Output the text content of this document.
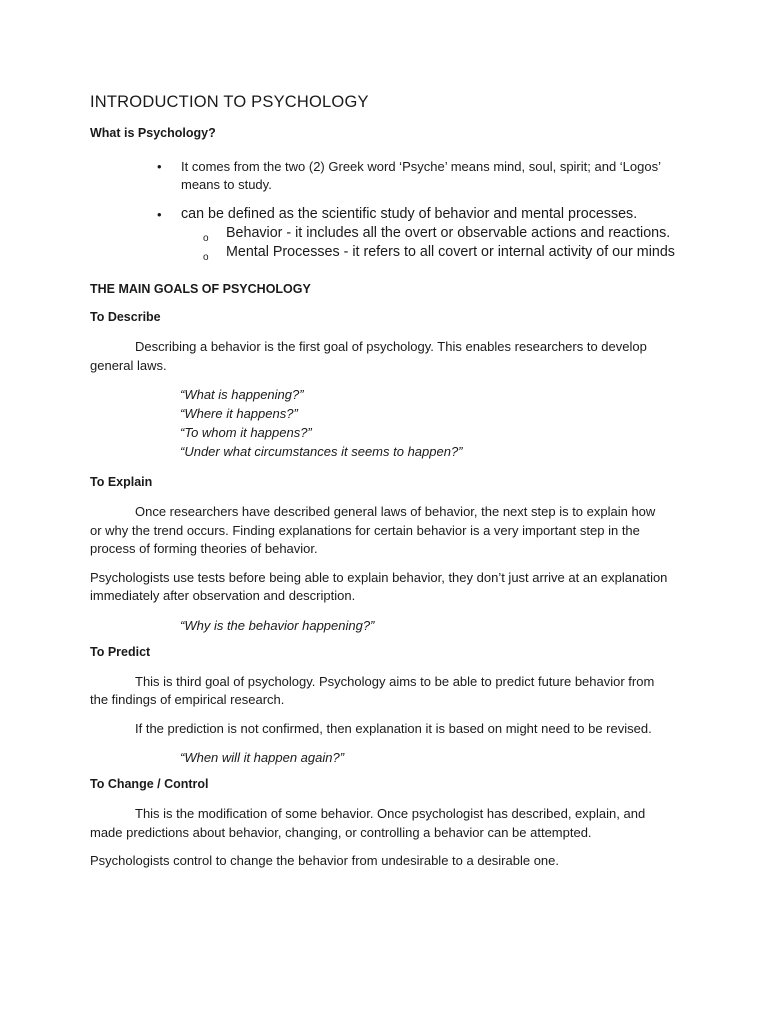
INTRODUCTION TO PSYCHOLOGY
What is Psychology?
• It comes from the two (2) Greek word ‘Psyche’ means mind, soul, spirit; and ‘Logos’ means to study.
• can be defined as the scientific study of behavior and mental processes.
o Behavior - it includes all the overt or observable actions and reactions.
o Mental Processes - it refers to all covert or internal activity of our minds
THE MAIN GOALS OF PSYCHOLOGY
To Describe

Describing a behavior is the first goal of psychology. This enables researchers to develop general laws.

“What is happening?”

“Where it happens?”

“To whom it happens?”

“Under what circumstances it seems to happen?”

To Explain

Once researchers have described general laws of behavior, the next step is to explain how or why the trend occurs. Finding explanations for certain behavior is a very important step in the process of forming theories of behavior.

Psychologists use tests before being able to explain behavior, they don’t just arrive at an explanation immediately after observation and description.

“Why is the behavior happening?”

To Predict

This is third goal of psychology. Psychology aims to be able to predict future behavior from the findings of empirical research.

If the prediction is not confirmed, then explanation it is based on might need to be revised.

“When will it happen again?”

To Change / Control

This is the modification of some behavior. Once psychologist has described, explain, and made predictions about behavior, changing, or controlling a behavior can be attempted.

Psychologists control to change the behavior from undesirable to a desirable one.
